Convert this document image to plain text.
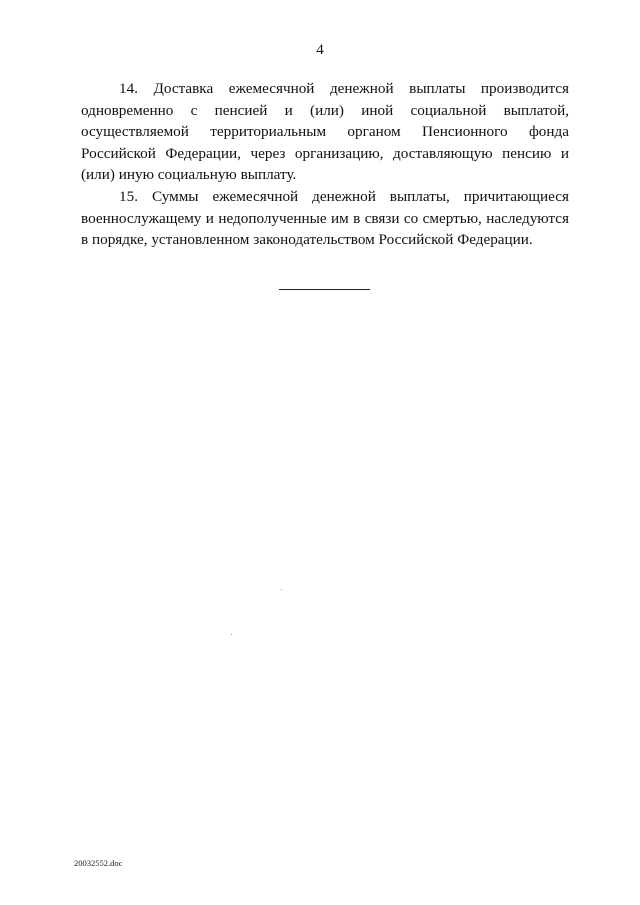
4

14. Доставка ежемесячной денежной выплаты производится одновременно с пенсией и (или) иной социальной выплатой, осуществляемой территориальным органом Пенсионного фонда Российской Федерации, через организацию, доставляющую пенсию и (или) иную социальную выплату.

15. Суммы ежемесячной денежной выплаты, причитающиеся военнослужащему и недополученные им в связи со смертью, наследуются в порядке, установленном законодательством Российской Федерации.

20032552.doc
